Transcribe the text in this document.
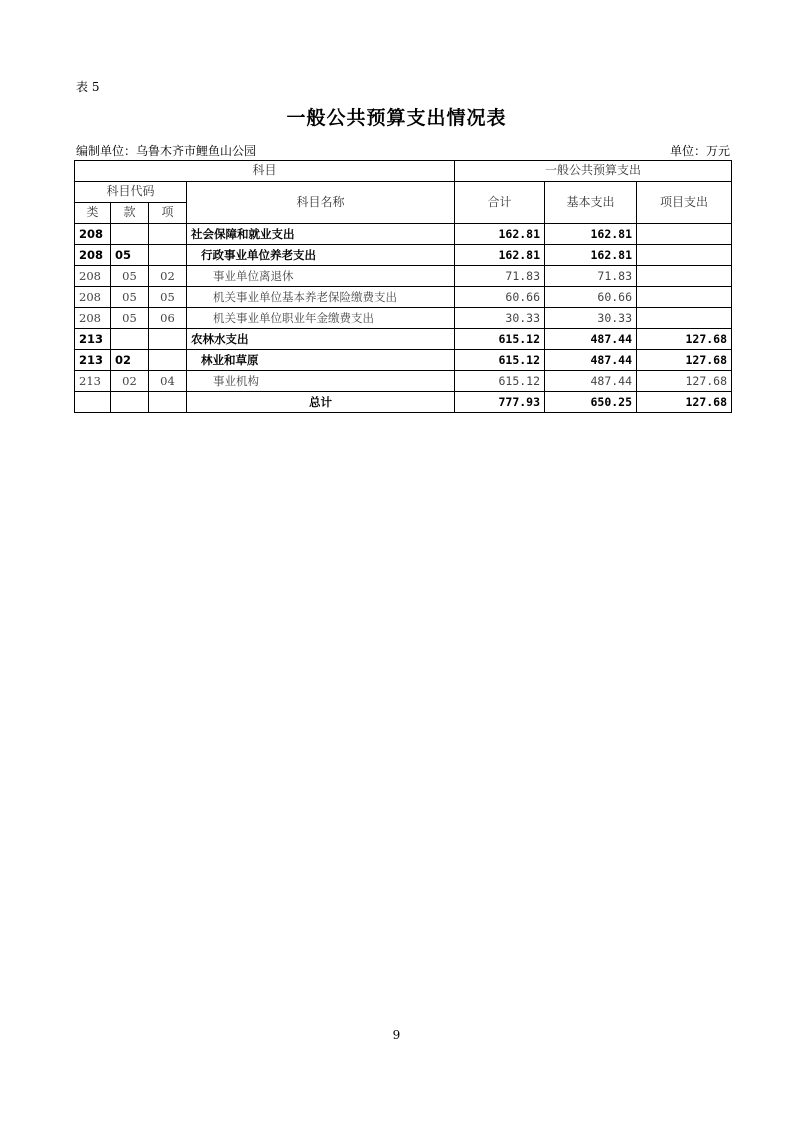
表 5
一般公共预算支出情况表
编制单位：乌鲁木齐市鲤鱼山公园	单位：万元
科目				一般公共预算支出		
科目代码			科目名称	合计	基本支出	项目支出
类	款	项				
208			社会保障和就业支出	162.81	162.81	
208	05		行政事业单位养老支出	162.81	162.81	
208	05	02	事业单位离退休	71.83	71.83	
208	05	05	机关事业单位基本养老保险缴费支出	60.66	60.66	
208	05	06	机关事业单位职业年金缴费支出	30.33	30.33	
213			农林水支出	615.12	487.44	127.68
213	02		林业和草原	615.12	487.44	127.68
213	02	04	事业机构	615.12	487.44	127.68
			总计	777.93	650.25	127.68
9
